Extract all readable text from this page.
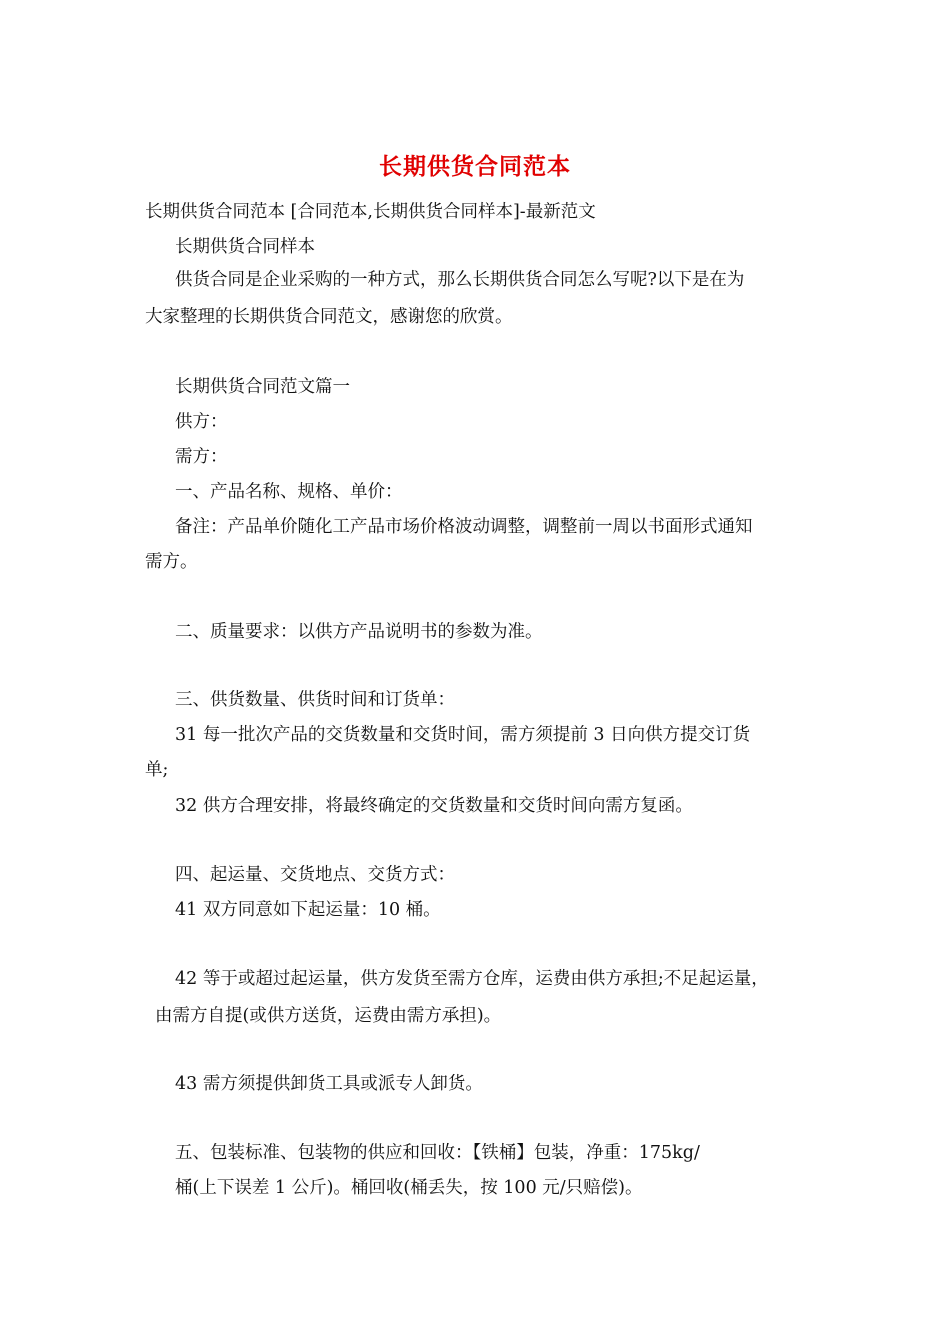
长期供货合同范本
长期供货合同范本 [合同范本,长期供货合同样本]-最新范文
长期供货合同样本
供货合同是企业采购的一种方式，那么长期供货合同怎么写呢?以下是在为
大家整理的长期供货合同范文，感谢您的欣赏。
长期供货合同范文篇一
供方：
需方：
一、产品名称、规格、单价：
备注：产品单价随化工产品市场价格波动调整，调整前一周以书面形式通知
需方。
二、质量要求：以供方产品说明书的参数为准。
三、供货数量、供货时间和订货单：
31 每一批次产品的交货数量和交货时间，需方须提前 3 日向供方提交订货
单;
32 供方合理安排，将最终确定的交货数量和交货时间向需方复函。
四、起运量、交货地点、交货方式：
41 双方同意如下起运量：10 桶。
42 等于或超过起运量，供方发货至需方仓库，运费由供方承担;不足起运量，
由需方自提(或供方送货，运费由需方承担)。
43 需方须提供卸货工具或派专人卸货。
五、包装标准、包装物的供应和回收：【铁桶】包装，净重：175kg/
桶(上下误差 1 公斤)。桶回收(桶丢失，按 100 元/只赔偿)。
